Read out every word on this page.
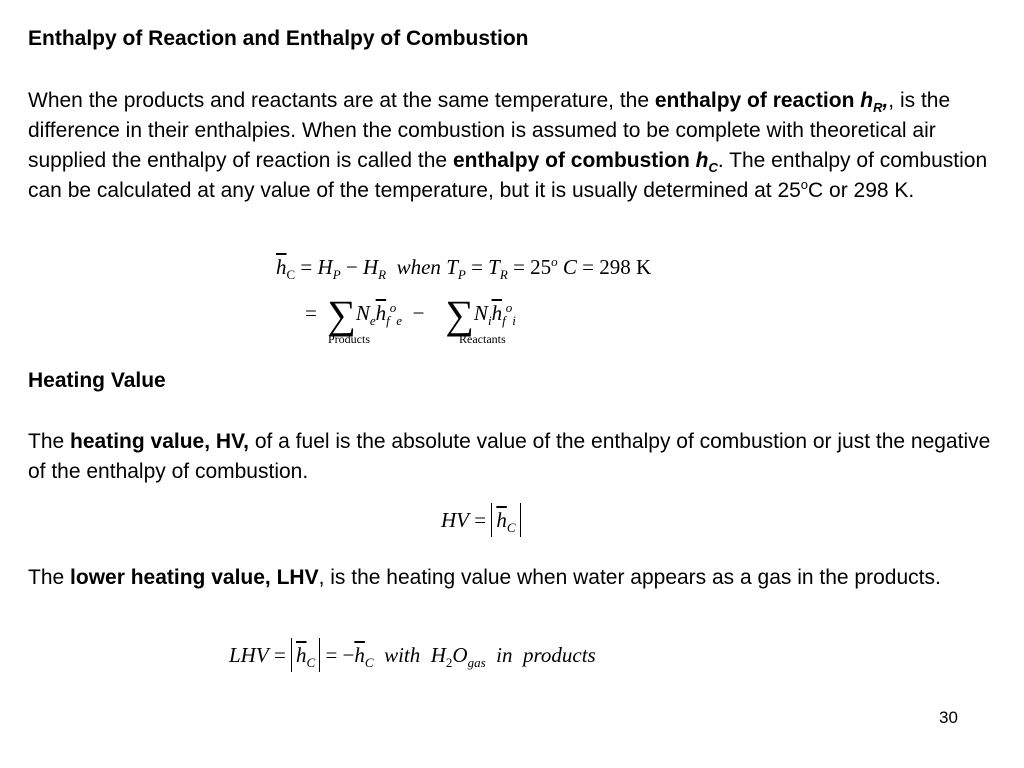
Enthalpy of Reaction and Enthalpy of Combustion

When the products and reactants are at the same temperature, the enthalpy of reaction $h_R$,, is the difference in their enthalpies. When the combustion is assumed to be complete with theoretical air supplied the enthalpy of reaction is called the enthalpy of combustion $h_C$. The enthalpy of combustion can be calculated at any value of the temperature, but it is usually determined at 25$^o$C or 298 K.

$\overline{h}_C = H_P - H_R$ when $T_P = T_R = 25^o$ C = 298 K
= $\sum N_e\overline{h}_f^o_e - \sum N_i\overline{h}_f^o_i$
Products	Reactants

Heating Value

The heating value, HV, of a fuel is the absolute value of the enthalpy of combustion or just the negative of the enthalpy of combustion.

HV = $\overline{h}_C$

The lower heating value, LHV, is the heating value when water appears as a gas in the products.

LHV = $\overline{h}_C = -\overline{h}_C$ with $H_2O_{gas}$ in products
30
